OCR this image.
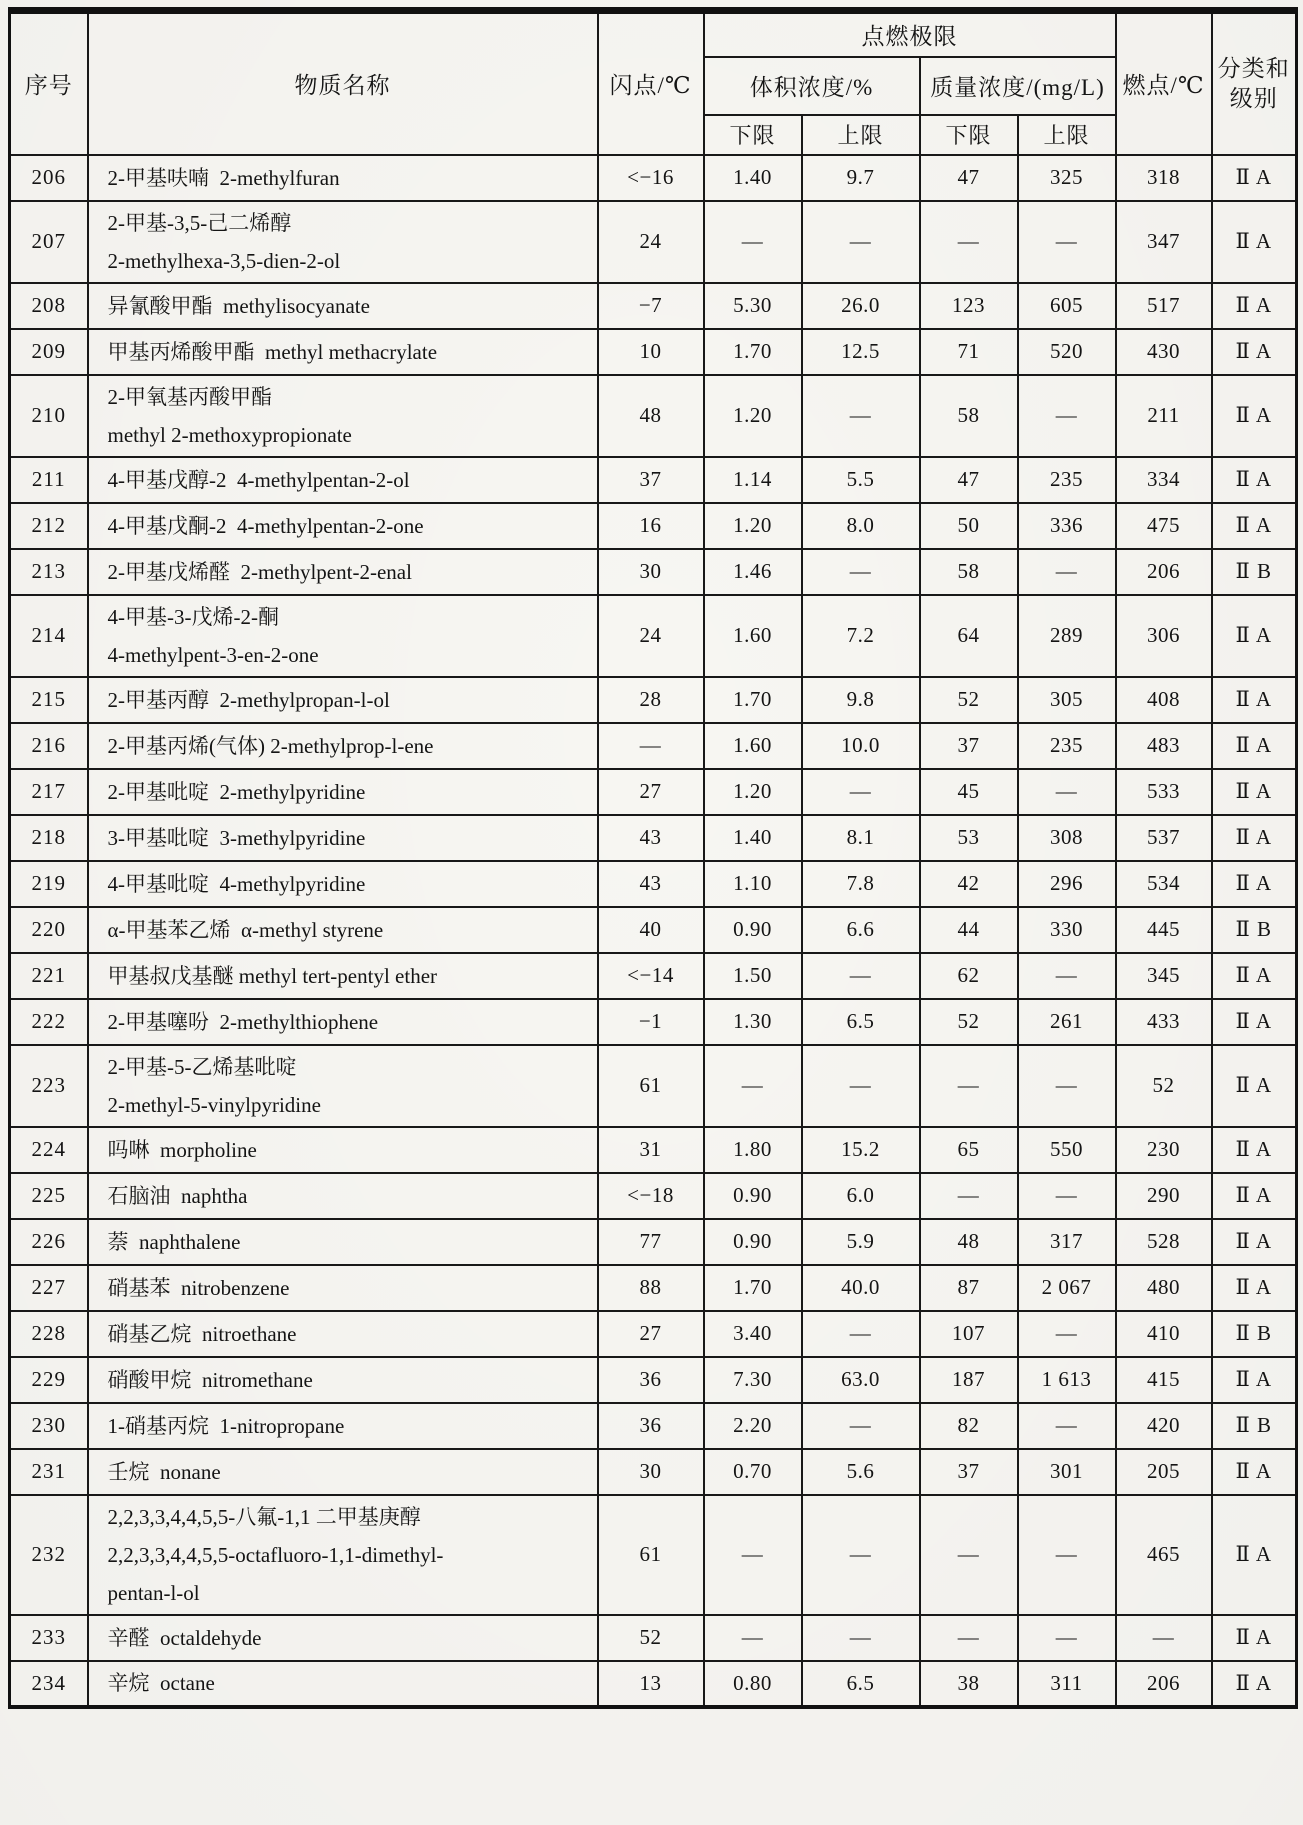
序号	物质名称	闪点/℃	点燃极限				燃点/℃	分类和
级别

			体积浓度/%		质量浓度/(mg/L)			
			下限	上限	下限	上限		
206	2-甲基呋喃  2-methylfuran	<−16	1.40	9.7	47	325	318	Ⅱ A
207	2-甲基-3,5-己二烯醇
2-methylhexa-3,5-dien-2-ol	24	—	—	—	—	347	Ⅱ A
208	异氰酸甲酯  methylisocyanate	−7	5.30	26.0	123	605	517	Ⅱ A
209	甲基丙烯酸甲酯  methyl methacrylate	10	1.70	12.5	71	520	430	Ⅱ A
210	2-甲氧基丙酸甲酯
methyl 2-methoxypropionate	48	1.20	—	58	—	211	Ⅱ A
211	4-甲基戊醇-2  4-methylpentan-2-ol	37	1.14	5.5	47	235	334	Ⅱ A
212	4-甲基戊酮-2  4-methylpentan-2-one	16	1.20	8.0	50	336	475	Ⅱ A
213	2-甲基戊烯醛  2-methylpent-2-enal	30	1.46	—	58	—	206	Ⅱ B
214	4-甲基-3-戊烯-2-酮
4-methylpent-3-en-2-one	24	1.60	7.2	64	289	306	Ⅱ A
215	2-甲基丙醇  2-methylpropan-l-ol	28	1.70	9.8	52	305	408	Ⅱ A
216	2-甲基丙烯(气体) 2-methylprop-l-ene	—	1.60	10.0	37	235	483	Ⅱ A
217	2-甲基吡啶  2-methylpyridine	27	1.20	—	45	—	533	Ⅱ A
218	3-甲基吡啶  3-methylpyridine	43	1.40	8.1	53	308	537	Ⅱ A
219	4-甲基吡啶  4-methylpyridine	43	1.10	7.8	42	296	534	Ⅱ A
220	α-甲基苯乙烯  α-methyl styrene	40	0.90	6.6	44	330	445	Ⅱ B
221	甲基叔戊基醚 methyl tert-pentyl ether	<−14	1.50	—	62	—	345	Ⅱ A
222	2-甲基噻吩  2-methylthiophene	−1	1.30	6.5	52	261	433	Ⅱ A
223	2-甲基-5-乙烯基吡啶
2-methyl-5-vinylpyridine	61	—	—	—	—	52	Ⅱ A
224	吗啉  morpholine	31	1.80	15.2	65	550	230	Ⅱ A
225	石脑油  naphtha	<−18	0.90	6.0	—	—	290	Ⅱ A
226	萘  naphthalene	77	0.90	5.9	48	317	528	Ⅱ A
227	硝基苯  nitrobenzene	88	1.70	40.0	87	2 067	480	Ⅱ A
228	硝基乙烷  nitroethane	27	3.40	—	107	—	410	Ⅱ B
229	硝酸甲烷  nitromethane	36	7.30	63.0	187	1 613	415	Ⅱ A
230	1-硝基丙烷  1-nitropropane	36	2.20	—	82	—	420	Ⅱ B
231	壬烷  nonane	30	0.70	5.6	37	301	205	Ⅱ A
232	2,2,3,3,4,4,5,5-八氟-1,1 二甲基庚醇
2,2,3,3,4,4,5,5-octafluoro-1,1-dimethyl-
pentan-l-ol	61	—	—	—	—	465	Ⅱ A
233	辛醛  octaldehyde	52	—	—	—	—	—	Ⅱ A
234	辛烷  octane	13	0.80	6.5	38	311	206	Ⅱ A
